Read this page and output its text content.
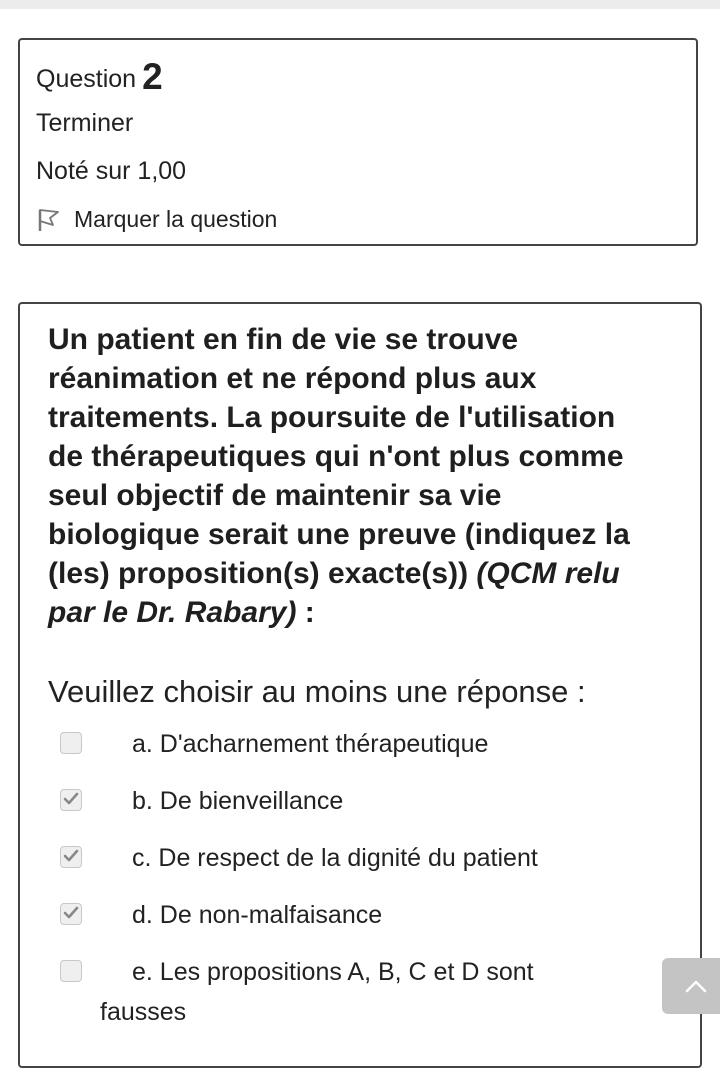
Question 2
Terminer
Noté sur 1,00
Marquer la question
Un patient en fin de vie se trouve réanimation et ne répond plus aux traitements. La poursuite de l'utilisation de thérapeutiques qui n'ont plus comme seul objectif de maintenir sa vie biologique serait une preuve (indiquez la (les) proposition(s) exacte(s)) (QCM relu par le Dr. Rabary) :
Veuillez choisir au moins une réponse :
a. D'acharnement thérapeutique
b. De bienveillance
c. De respect de la dignité du patient
d. De non-malfaisance
e. Les propositions A, B, C et D sont
fausses
